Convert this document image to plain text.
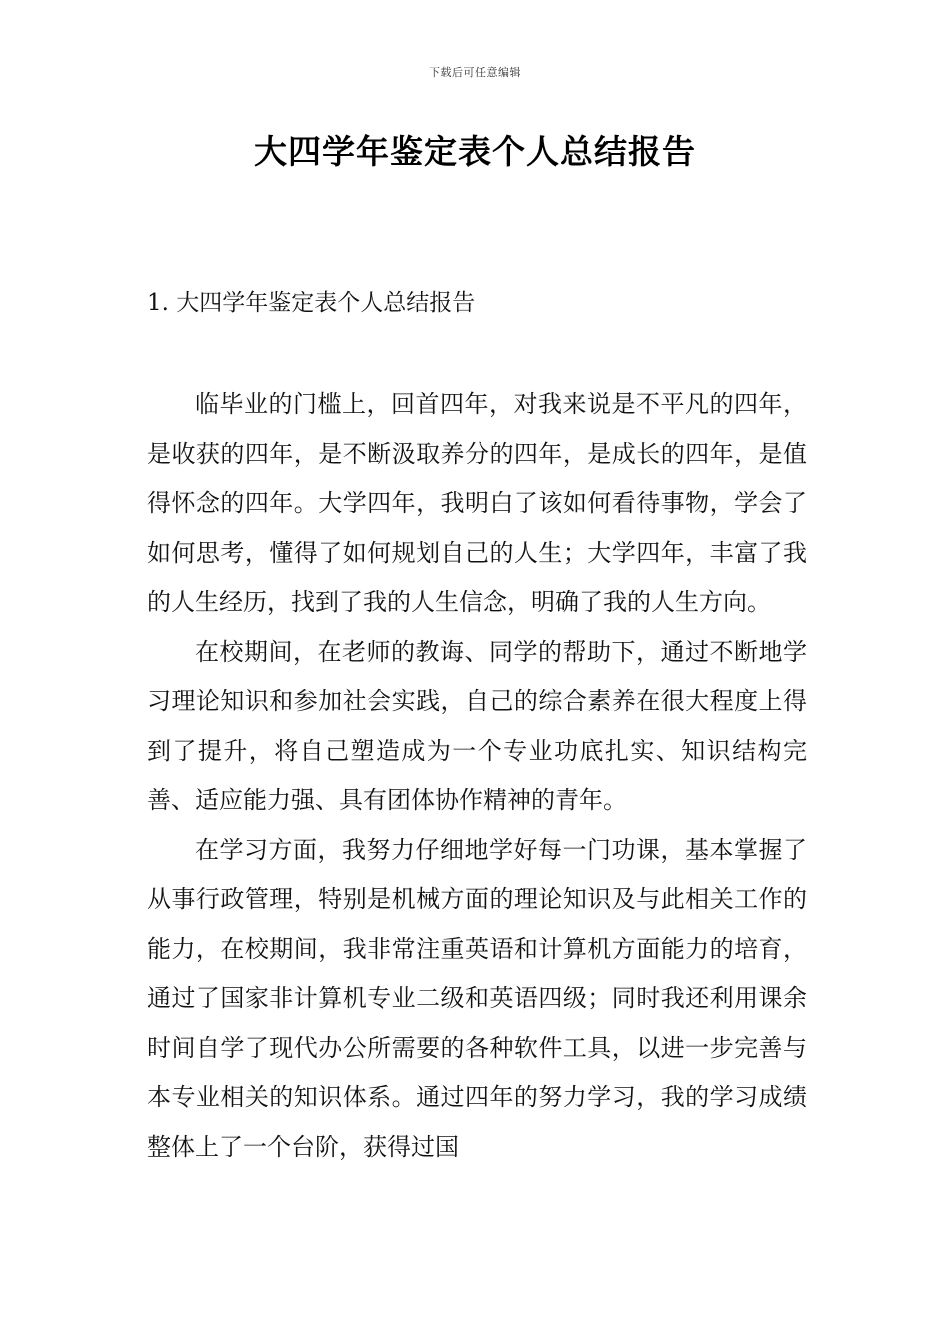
下载后可任意编辑
大四学年鉴定表个人总结报告
1. 大四学年鉴定表个人总结报告

临毕业的门槛上，回首四年，对我来说是不平凡的四年，是收获的四年，是不断汲取养分的四年，是成长的四年，是值得怀念的四年。大学四年，我明白了该如何看待事物，学会了如何思考，懂得了如何规划自己的人生；大学四年，丰富了我的人生经历，找到了我的人生信念，明确了我的人生方向。

在校期间，在老师的教诲、同学的帮助下，通过不断地学习理论知识和参加社会实践，自己的综合素养在很大程度上得到了提升，将自己塑造成为一个专业功底扎实、知识结构完善、适应能力强、具有团体协作精神的青年。

在学习方面，我努力仔细地学好每一门功课，基本掌握了从事行政管理，特别是机械方面的理论知识及与此相关工作的能力，在校期间，我非常注重英语和计算机方面能力的培育，通过了国家非计算机专业二级和英语四级；同时我还利用课余时间自学了现代办公所需要的各种软件工具，以进一步完善与本专业相关的知识体系。通过四年的努力学习，我的学习成绩整体上了一个台阶，获得过国
